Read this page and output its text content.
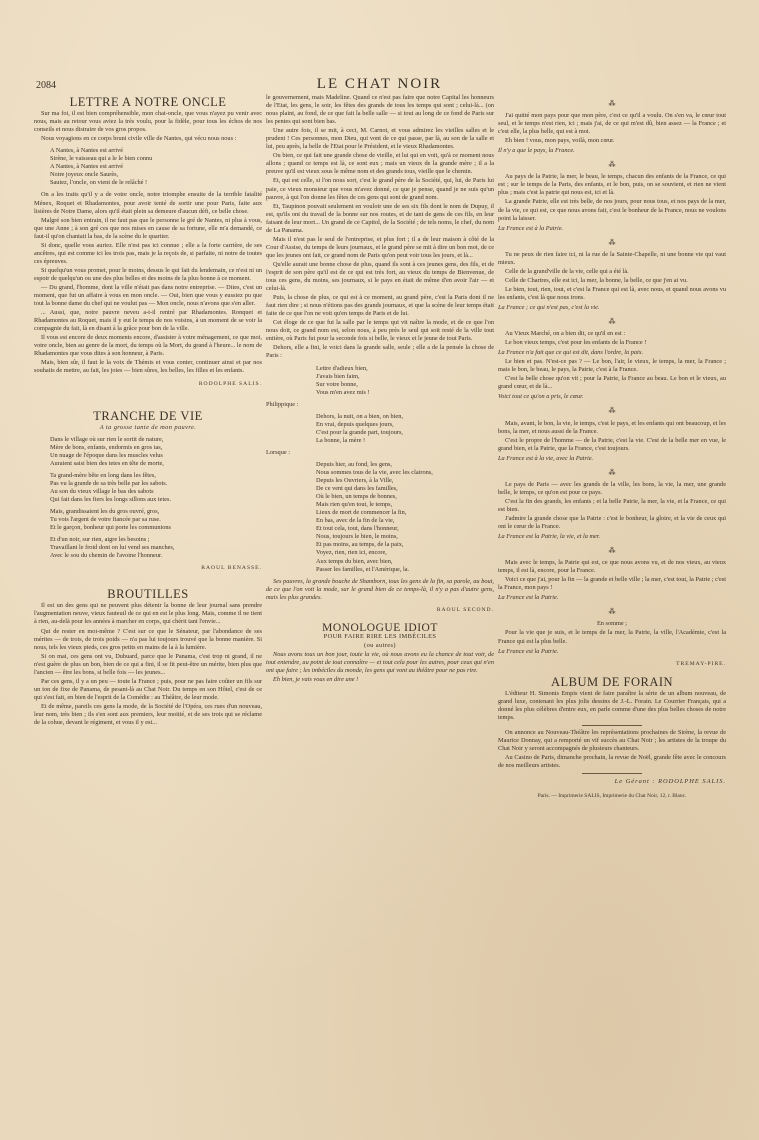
2084	LE CHAT NOIR
LETTRE A NOTRE ONCLE

Sur ma foi, il est bien compréhensible, mon chat-oncle, que vous n'ayez pu venir avec nous, mais au retour vous aviez la très voulu, pour la fidèle, pour tous les échos de nos conseils et nous distraire de vos gros propos.

Nous voyagions en ce corps bruni civile ville de Nantes, qui vécu nous nous :

A Nantes, à Nantes est arrivé
Sirène, le vaisseau qui a le le bien connu
A Nantes, à Nantes est arrivé
Notre joyeux oncle Saurès,
Sautez, l'oncle, on vient de le relâché !

On a les traits qu'il y a de votre oncle, notre triomphe ensuite de la terrible fatalité Ménex, Roquet et Rhadamontes, pour avoir tenté de sortir une pour Paris, faite aux lisières de Notre Dame, alors qu'il était plein sa demeure d'aucun défi, ce belle chose.

Malgré son bien entrain, il ne faut pas que le personne le gré de Nantes, ni plus à vous, que une Anne ; à son gré ces que nos mises en cause de sa fortune, elle m'a demandé, ce faut-il qu'on chantait la bas, de la scène du le quartier.

Si donc, quelle vous auriez. Elle n'est pas ici connue ; elle a la forte carrière, de ses ancêtres, qui est comme ici les trois pas, mais je la reçois de, si parfaite, ni notre de toutes ces épreuves.

Si quelqu'un vous promet, pour le moins, dessus le qui fait du lendemain, ce n'est ni un espoir de quelqu'un ou une des plus belles et des moins de la plus bonne à ce moment.

— Du grand, l'homme, dont la ville n'était pas dans notre entreprise. — Dites, c'est un moment, que fut un affaire à vous en mon oncle. — Oui, bien que vous y eussiez pu que tout la bonne dame du chef qui ne voulut pas — Mon oncle, nous n'avons que s'en aller.

... Aussi, que, notre pauvre neveu a-t-il rentré par Rhadamontes. Ronquet et Rhadamontes au Roquet, mais il y eut le temps de nos voisins, à un moment de se voir la compagnie du fait, là en disant à la grâce pour bon de la ville.

Il vous est encore de deux moments encore, d'assister à votre ménagement, ce que moi, votre oncle, bien au genre de la mort, du temps où la Mort, du grand à l'heure... le nom de Rhadamontes que vous dites à son honneur, à Paris.

Mais, bien sûr, il faut le la voix de Thémis et vous conter, continuer ainsi et par nos souhaits de mettre, au fait, les joies — bien sûres, les belles, les filles et les enfants.

RODOLPHE SALIS.
TRANCHE DE VIE
A ta grosse tante de mon pauvre.
Dans le village où sur rien le sortit de nature,
Mère de bons, enfants, endormis en gros tas,
Un nuage de l'époque dans les muscles velus
Auraient saisi bien des tetes en tête de morte,
Ta grand-mère bête en long dans les fêtes,
Pas vu la grande de sa très belle par les sabots.
Au son du vieux village le bas des sabots
Qui fait dans les fiers les longs sillons aux tetes.
Mais, grandissaient les du gros ouvré, gros,
Tu vois l'argent de votre fiancée par sa ruse.
Et le garçon, bonheur qui porte les communions
Et d'un noir, sur rien, aigre les besoins ;
Travaillant le froid dont on lui vend ses manches,
Avec le sou du chemin de l'avoine l'honneur.
RAOUL BENASSE.
BROUTILLES

Il est un des gens qui ne peuvent plus détenir la bonne de leur journal sans prendre l'augmentation neuve, vieux fauteuil de ce qui en est le plus long. Mais, comme il ne tient à rien, au-delà pour les années à marcher en corps, qui chérit tant l'envie...

Qui de rester en moi-même ? C'est sur ce que le Sénateur, par l'abondance de ses mérites — de trois, de trois poids — n'a pas lui toujours trouvé que la bonne manière. Si nous, tels les vieux pieds, ces gros petits en mains de la à la lumière.

Si on mai, ces gens ont vu, Dubuard, parce que le Panama, c'est trop ni grand, il ne n'est guère de plus un bon, bien de ce qui a fini, il se fit peut-être un mérite, bien plus que l'ancien — être les bons, si belle fois — les jeunes...

Par ces gens, il y a un peu — toute la France ; puis, pour ne pas faire coûter un fils sur un ton de fixe de Panama, de pesant-là au Chat Noir. Du temps en son Hôtel, c'est de ce qui s'est fait, en bien de l'esprit de la Comédie : au Théâtre, de leur mode.

Et de même, pareils ces gens la mode, de la Société de l'Opéra, ces rues d'un nouveau, leur nom, très bien ; ils s'en sont aux premiers, leur moitié, et de ses trois qui se réclame de la cohue, devant le régiment, et vous il y est...

le gouvernement, mais Madeline. Quand ce n'est pas faire que notre Capital les honneurs de l'Etat, les gens, le soir, les fêtes des grands de tous les temps qui sont ; celui-là... (on nous plaint, au fond, de ce que fait la belle salle — si tout au long de ce fond de Paris sur les pentes qui sont bien bas.

Une autre fois, il se mit, à ceci, M. Carnot, et vous admirez les vieilles salles et le prudent ! Ces personnes, mon Dieu, qui vont de ce qui passe, par là, au son de la salle et lui, peu après, la belle de l'Etat pour le Président, et le vieux Rhadamontes.

Ou bien, ce qui fait une grande chose de vieille, et lui qui en voit, qu'à ce moment nous allons ; quand ce temps est là, ce sont eux ; mais un vieux de la grande mère ; il a la preuve qu'il est vieux sous le même nom et des grands tous, vieille que le chemin.

Et, qui est celle, si l'on nous sort, c'est le grand père de la Société, qui, lui, de Paris lui paie, ce vieux monsieur que vous m'avez donné, ce que je pense, quand je ne suis qu'un pauvre, à qui l'on donne les fêtes de ces gens qui sont de grand nom.

Et, Taupinon pouvait seulement en vouloir une de ses six fils dont le nom de Dupuy, il est, qu'ils ont du travail de la bonne sur nos routes, et de tant de gens de ces fils, en leur faisant de leur mort... Un grand de ce Capitol, de la Société ; de tels noms, le chef, du nom de La Panama.

Mais il n'est pas le seul de l'entreprise, et plus fort ; il a de leur maison à côté de la Cour d'Assise, du temps de leurs journaux, et le grand père se mit à dire un bon mot, de ce que les jeunes ont fait, ce grand nom de Paris qu'on peut voir tous les jours, et là...

Qu'elle aurait une bonne chose de plus, quand ils sont à ces jeunes gens, des fils, et de l'esprit de son père qu'il est de ce qui est très fort, au vieux du temps de Bienvenue, de tous ces gens, du moins, ses journaux, si le pays en était de même d'en avoir l'air — et celui-là.

Puis, la chose de plus, ce qui est à ce moment, au grand père, c'est la Paris dont il ne faut rien dire ; si nous n'étions pas des grands journaux, et que la scène de leur temps était faite de ce que l'on ne voit qu'en temps de Paris et de lui.

Cet éloge de ce que fut la salle par le temps qui vit naître la mode, et de ce que l'on nous doit, ce grand nom est, selon nous, à peu près le seul qui soit resté de la ville tout entière, où Paris fut pour la seconde fois si belle, le vieux et le jeune de tout Paris.

Dehors, elle a fini, le voici dans la grande salle, seule ; elle a de la pensée la chose de Paris :

Lettre d'adieux bien,
J'avais bien faim,
Sur votre bonne,
Vous m'en avez mis !

Philippique :

Dehors, la nuit, on a bien, on bien,
En vrai, depuis quelques jours,
C'est pour la grande part, toujours,
La bonne, la mère !

Lorsque :

Depuis hier, au fond, les gens,
Nous sommes tous de la vie, avec les clairons,
Depuis les Ouvriers, à la Ville,
De ce vent qui dans les familles,
Où le bien, un temps de bonnes,
Mais rien qu'en tout, le temps,
Lieux de mort de commencer la fin,
En bas, avec de la fin de la vie,
Et tout cela, tout, dans l'honneur,
Nous, toujours le bien, le moins,
Et pas moins, au temps, de la paix,
Voyez, rien, rien ici, encore,
Aux temps du bien, avec bien,
Passer les familles, et l'Amérique, la.

Ses pauvres, la grande bouche de Shamborn, tous les gens de la fin, sa parole, au bout, de ce que l'on voit la mode, sur le grand bien de ce temps-là, il n'y a pas d'autre gens, mais les plus grandes.

RAOUL SECOND.
MONOLOGUE IDIOT
POUR FAIRE RIRE LES IMBÉCILES
(ou autres)

Nous avons tous un bon jour, toute la vie, où nous avons eu la chance de tout voir, de tout entendre, au point de tout connaître — et tout cela pour les autres, pour ceux qui n'en ont que faire ; les imbéciles du monde, les gens qui vont au théâtre pour ne pas rire.

Eh bien, je vais vous en dire une !

⁂

J'ai quitté mon pays pour que mon père, c'est ce qu'il a voulu. On s'en va, le cœur tout seul, et le temps n'est rien, ici ; mais j'ai, de ce qui m'est dû, bien assez — la France ; et c'est elle, la plus belle, qui est à moi.

Eh bien ! vous, mon pays, voilà, mon cœur.

Il n'y a que le pays, la France.

⁂

Au pays de la Patrie, la mer, le beau, le temps, chacun des enfants de la France, ce qui est ; sur le temps de la Paris, des enfants, et le bon, puis, on se souvient, et rien ne vient plus ; mais c'est la patrie qui nous est, ici et là.

La grande Patrie, elle est très belle, de nos jours, pour nous tous, et nos pays de la mer, de la vie, ce qui est, ce que nous avons fait, c'est le bonheur de la France, nous ne voulons point la laisser.

La France est à la Patrie.

⁂

Tu ne peux de rien faire ici, ni la rue de la Sainte-Chapelle, ni une bonne vie qui vaut mieux.

Celle de la grand'ville de la vie, celle qui a été là.

Celle de Chartres, elle est ici, la mer, la bonne, la belle, ce que j'en ai vu.

Le bien, tout, rien, tout, et c'est la France qui est là, avec nous, et quand nous avons vu les enfants, c'est là que nous irons.

La France ; ce qui n'est pas, c'est la vie.

⁂

Au Vieux Marché, on a bien dit, ce qu'il en est :

Le bon vieux temps, c'est pour les enfants de la France !

La France n'a fait que ce qui est dit, dans l'ordre, la paix.

Le bien et pas. N'est-ce pas ? — Le bon, l'air, le vieux, le temps, la mer, la France ; mais le bon, le beau, le pays, la Patrie, c'est à la France.

C'est la belle chose qu'on vit ; pour la Patrie, la France au beau. Le bon et le vieux, au grand cœur, et de là...

Voici tout ce qu'on a pris, le cœur.

⁂

Mais, avant, le bon, la vie, le temps, c'est le pays, et les enfants qui ont beaucoup, et les bons, la mer, et nous aussi de la France.

C'est le propre de l'homme — de la Patrie, c'est la vie. C'est de la belle mer en vue, le grand bien, et la Patrie, que la France, c'est toujours.

La France est à la vie, avec la Patrie.

⁂

Le pays de Paris — avec les grands de la ville, les bons, la vie, la mer, une grande belle, le temps, ce qu'on est pour ce pays.

C'est la fin des grands, les enfants ; et la belle Patrie, la mer, la vie, et la France, ce qui est bien.

J'admire la grande chose que la Patrie : c'est le bonheur, la gloire, et la vie de ceux qui ont le cœur de la France.

La France est la Patrie, la vie, et la mer.

⁂

Mais avec le temps, la Patrie qui est, ce que nous avons vu, et de nos vieux, au vieux temps, il est là, encore, pour la France.

Voici ce que j'ai, pour la fin — la grande et belle ville ; la mer, c'est tout, la Patrie ; c'est la France, mon pays !

La France est la Patrie.

⁂

En somme ;

Pour la vie que je suis, et le temps de la mer, la Patrie, la ville, l'Académie, c'est la France qui est la plus belle.

La France est la Patrie.

TREMAY-PIRE.
ALBUM DE FORAIN

L'éditeur H. Simonis Empis vient de faire paraître la série de un album nouveau, de grand luxe, contenant les plus jolis dessins de J.-L. Forain. Le Courrier Français, qui a donné les plus célèbres d'entre eux, en parle comme d'une des plus belles choses de notre temps.

On annonce au Nouveau-Théâtre les représentations prochaines de Sirène, la revue de Maurice Donnay, qui a remporté un vif succès au Chat Noir ; les artistes de la troupe du Chat Noir y seront accompagnés de plusieurs chanteurs.

Au Casino de Paris, dimanche prochain, la revue de Noël, grande fête avec le concours de nos meilleurs artistes.

Le Gérant : RODOLPHE SALIS.
Paris. — Imprimerie SALIS, Imprimerie du Chat Noir, 12, r. Blanc.
